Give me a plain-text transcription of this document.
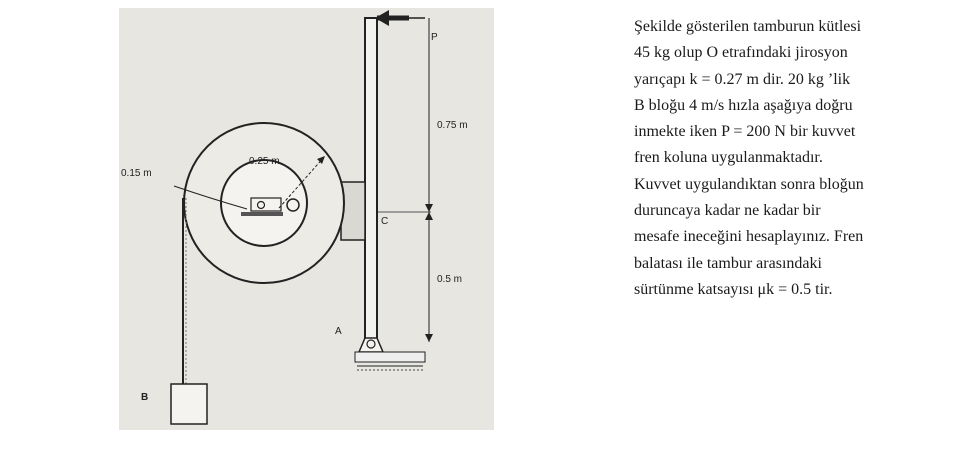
P
0.75 m
0.5 m
0.15 m
0.25 m
C
A
B
Şekilde gösterilen tamburun kütlesi
45 kg olup O etrafındaki jirosyon
yarıçapı k = 0.27 m dir. 20 kg ’lik
B bloğu 4 m/s hızla aşağıya doğru
inmekte iken P = 200 N bir kuvvet
fren koluna uygulanmaktadır.
Kuvvet uygulandıktan sonra bloğun
duruncaya kadar ne kadar bir
mesafe ineceğini hesaplayınız. Fren
balatası ile tambur arasındaki
sürtünme katsayısı μk = 0.5 tir.
